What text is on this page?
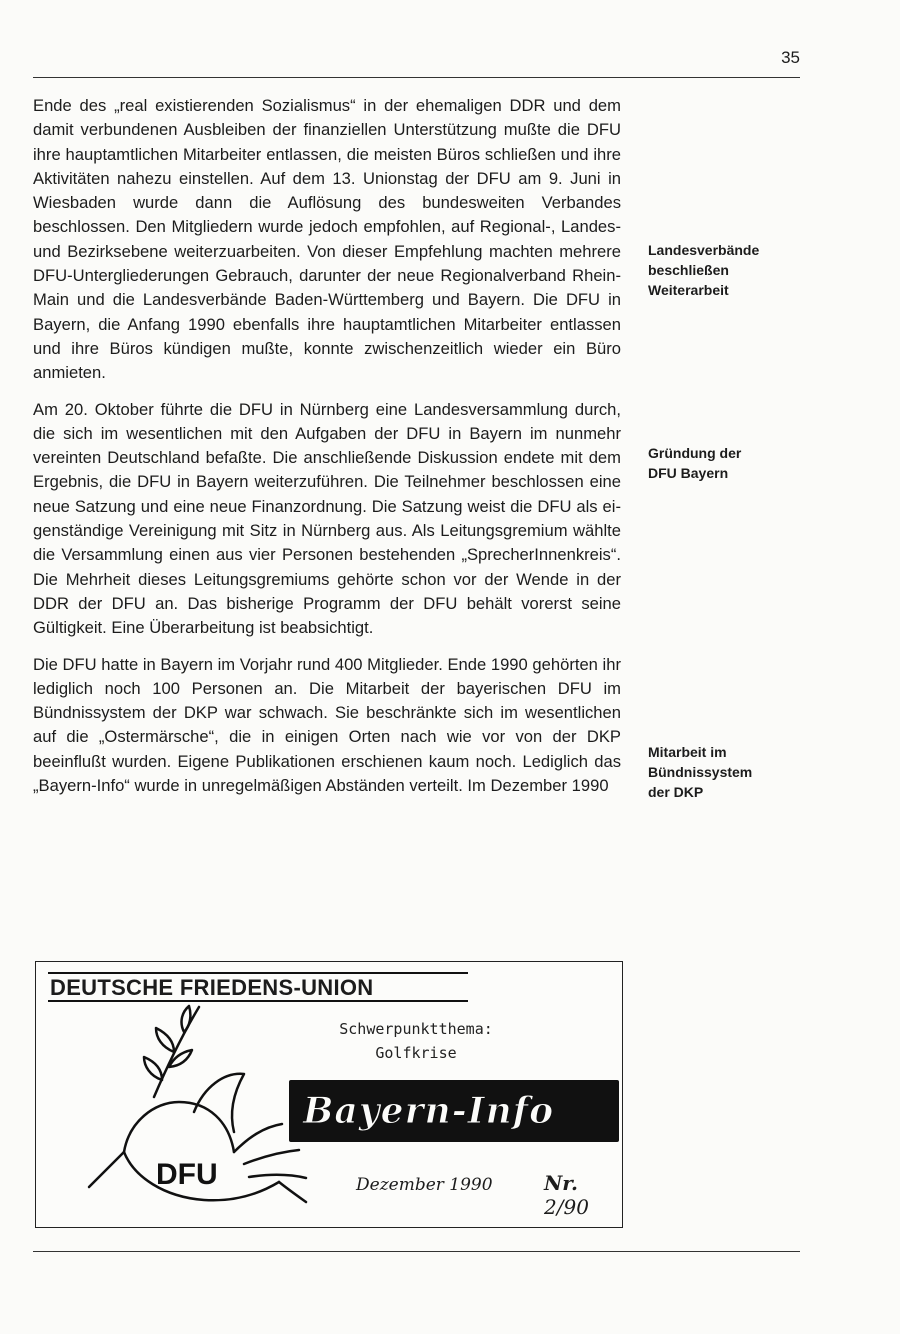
35

Ende des „real existierenden Sozialismus“ in der ehemaligen DDR und dem damit verbundenen Ausbleiben der finanziellen Unterstützung mußte die DFU ihre hauptamtlichen Mitarbeiter entlassen, die meisten Büros schließen und ihre Aktivitäten nahezu einstellen. Auf dem 13. Unionstag der DFU am 9. Juni in Wiesbaden wurde dann die Auflösung des bundesweiten Verbandes beschlossen. Den Mitgliedern wurde jedoch empfohlen, auf Regional-, Landes- und Bezirksebene weiterzuarbeiten. Von dieser Empfehlung machten mehrere DFU-Untergliederungen Gebrauch, darunter der neue Regionalverband Rhein-Main und die Landesverbände Baden-Württemberg und Bayern. Die DFU in Bayern, die Anfang 1990 ebenfalls ihre hauptamtlichen Mitarbeiter entlassen und ihre Büros kündigen mußte, konnte zwischenzeitlich wieder ein Büro anmieten.

Am 20. Oktober führte die DFU in Nürnberg eine Landesversammlung durch, die sich im wesentlichen mit den Aufgaben der DFU in Bayern im nunmehr vereinten Deutschland befaßte. Die anschließende Diskussion endete mit dem Ergebnis, die DFU in Bayern weiterzuführen. Die Teilnehmer beschlossen eine neue Satzung und eine neue Finanzordnung. Die Satzung weist die DFU als eigenständige Vereinigung mit Sitz in Nürnberg aus. Als Leitungsgremium wählte die Versammlung einen aus vier Personen bestehenden „SprecherInnenkreis“. Die Mehrheit dieses Leitungsgremiums gehörte schon vor der Wende in der DDR der DFU an. Das bisherige Programm der DFU behält vorerst seine Gültigkeit. Eine Überarbeitung ist beabsichtigt.

Die DFU hatte in Bayern im Vorjahr rund 400 Mitglieder. Ende 1990 gehörten ihr lediglich noch 100 Personen an. Die Mitarbeit der bayerischen DFU im Bündnissystem der DKP war schwach. Sie beschränkte sich im wesentlichen auf die „Ostermärsche“, die in einigen Orten nach wie vor von der DKP beeinflußt wurden. Eigene Publikationen erschienen kaum noch. Lediglich das „Bayern-Info“ wurde in unregelmäßigen Abständen verteilt. Im Dezember 1990

Landesverbände
beschließen
Weiterarbeit
Gründung der
DFU Bayern
Mitarbeit im
Bündnissystem
der DKP
DEUTSCHE FRIEDENS-UNION
DFU
Schwerpunktthema:
Golfkrise
Bayern-Info
Dezember 1990	Nr. 2/90
